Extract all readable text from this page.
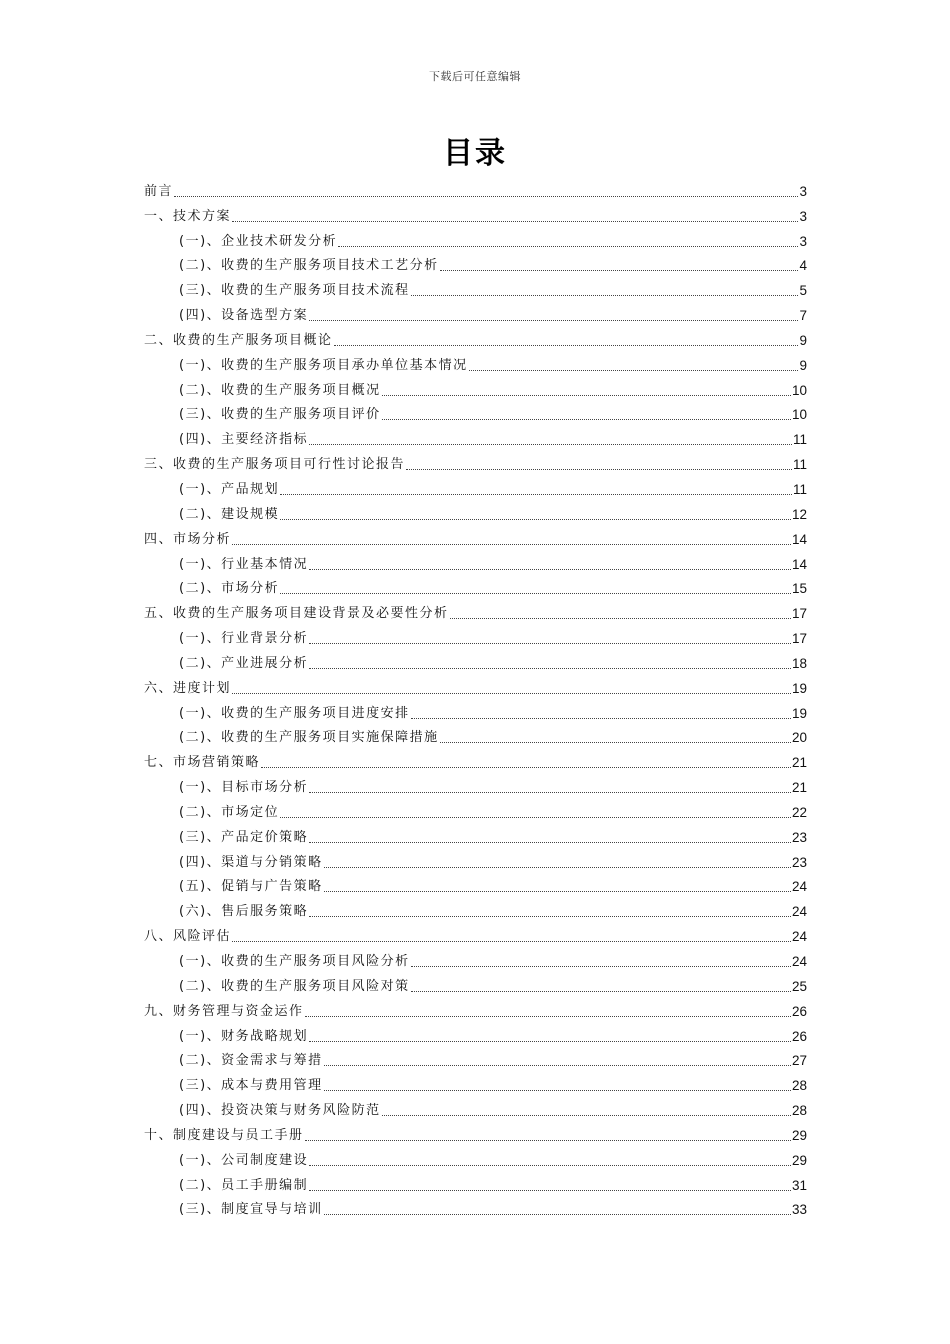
下载后可任意编辑
目录
前言	3
一、技术方案	3
(一)、企业技术研发分析	3
(二)、收费的生产服务项目技术工艺分析	4
(三)、收费的生产服务项目技术流程	5
(四)、设备选型方案	7
二、收费的生产服务项目概论	9
(一)、收费的生产服务项目承办单位基本情况	9
(二)、收费的生产服务项目概况	10
(三)、收费的生产服务项目评价	10
(四)、主要经济指标	11
三、收费的生产服务项目可行性讨论报告	11
(一)、产品规划	11
(二)、建设规模	12
四、市场分析	14
(一)、行业基本情况	14
(二)、市场分析	15
五、收费的生产服务项目建设背景及必要性分析	17
(一)、行业背景分析	17
(二)、产业进展分析	18
六、进度计划	19
(一)、收费的生产服务项目进度安排	19
(二)、收费的生产服务项目实施保障措施	20
七、市场营销策略	21
(一)、目标市场分析	21
(二)、市场定位	22
(三)、产品定价策略	23
(四)、渠道与分销策略	23
(五)、促销与广告策略	24
(六)、售后服务策略	24
八、风险评估	24
(一)、收费的生产服务项目风险分析	24
(二)、收费的生产服务项目风险对策	25
九、财务管理与资金运作	26
(一)、财务战略规划	26
(二)、资金需求与筹措	27
(三)、成本与费用管理	28
(四)、投资决策与财务风险防范	28
十、制度建设与员工手册	29
(一)、公司制度建设	29
(二)、员工手册编制	31
(三)、制度宣导与培训	33
